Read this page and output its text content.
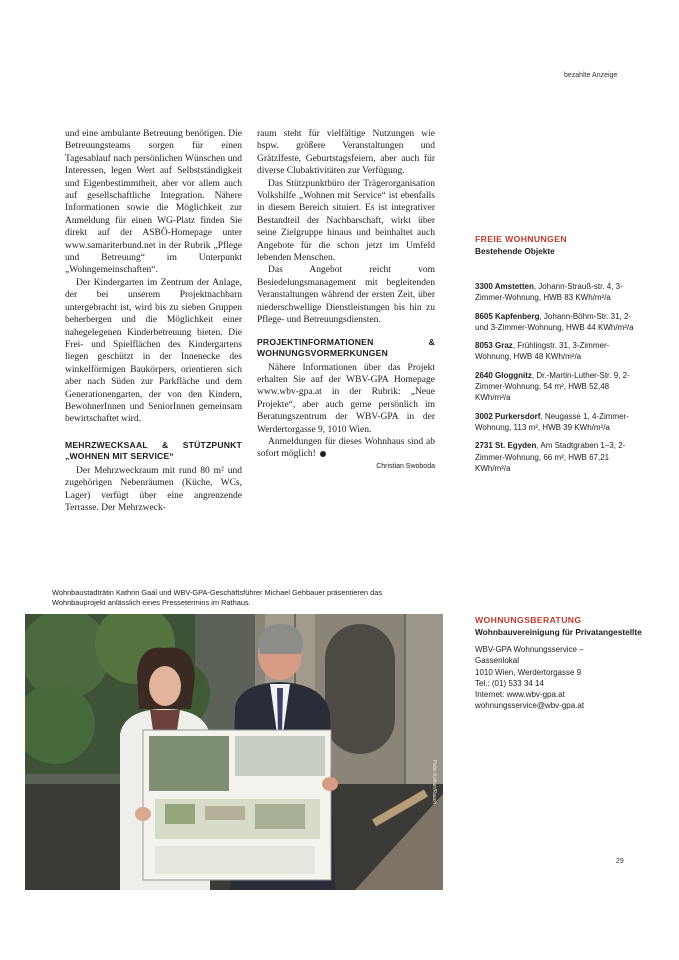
bezahlte Anzeige

und eine ambulante Betreuung benötigen. Die Betreuungsteams sorgen für einen Tagesablauf nach persönlichen Wünschen und Interessen, legen Wert auf Selbstständigkeit und Eigenbestimmtheit, aber vor allem auch auf gesellschaftliche Integration. Nähere Informationen sowie die Möglichkeit zur Anmeldung für einen WG-Platz finden Sie direkt auf der ASBÖ-Homepage unter www.samariterbund.net in der Rubrik „Pflege und Betreuung“ im Unterpunkt „Wohngemeinschaften“.

Der Kindergarten im Zentrum der Anlage, der bei unserem Projektnachbarn untergebracht ist, wird bis zu sieben Gruppen beherbergen und die Möglichkeit einer nahegelegenen Kinderbetreuung bieten. Die Frei- und Spielflächen des Kindergartens liegen geschützt in der Innenecke des winkelförmigen Baukörpers, orientieren sich aber nach Süden zur Parkfläche und dem Generationengarten, der von den Kindern, BewohnerInnen und SeniorInnen gemeinsam bewirtschaftet wird.

MEHRZWECKSAAL & STÜTZPUNKT „WOHNEN MIT SERVICE“

Der Mehrzweckraum mit rund 80 m² und zugehörigen Nebenräumen (Küche, WCs, Lager) verfügt über eine angrenzende Terrasse. Der Mehrzweck-

raum steht für vielfältige Nutzungen wie bspw. größere Veranstaltungen und Grätzlfeste, Geburtstagsfeiern, aber auch für diverse Clubaktivitäten zur Verfügung.

Das Stützpunktbüro der Trägerorganisation Volkshilfe „Wohnen mit Service“ ist ebenfalls in diesem Bereich situiert. Es ist integrativer Bestandteil der Nachbarschaft, wirkt über seine Zielgruppe hinaus und beinhaltet auch Angebote für die schon jetzt im Umfeld lebenden Menschen.

Das Angebot reicht vom Besiedelungsmanagement mit begleitenden Veranstaltungen während der ersten Zeit, über niederschwellige Dienstleistungen bis hin zu Pflege- und Betreuungsdiensten.

PROJEKTINFORMATIONEN & WOHNUNGSVORMERKUNGEN

Nähere Informationen über das Projekt erhalten Sie auf der WBV-GPA Homepage www.wbv-gpa.at in der Rubrik: „Neue Projekte“, aber auch gerne persönlich im Beratungszentrum der WBV-GPA in der Werdertorgasse 9, 1010 Wien.

Anmeldungen für dieses Wohnhaus sind ab sofort möglich!

Christian Swoboda
FREIE WOHNUNGEN
Bestehende Objekte
3300 Amstetten, Johann-Strauß-str. 4, 3-Zimmer-Wohnung, HWB 83 KWh/m²/a
8605 Kapfenberg, Johann-Böhm-Str. 31, 2- und 3-Zimmer-Wohnung, HWB 44 KWh/m²/a
8053 Graz, Frühlingstr. 31, 3-Zimmer-Wohnung, HWB 48 KWh/m²/a
2640 Gloggnitz, Dr.-Martin-Luther-Str. 9, 2-Zimmer-Wohnung, 54 m², HWB 52,48 KWh/m²/a
3002 Purkersdorf, Neugasse 1, 4-Zimmer-Wohnung, 113 m², HWB 39 KWh/m²/a
2731 St. Egyden, Am Stadtgraben 1–3, 2-Zimmer-Wohnung, 66 m², HWB 67,21 KWh/m²/a
WOHNUNGSBERATUNG
Wohnbauvereinigung für Privatangestellte
WBV-GPA Wohnungsservice –
Gassenlokal
1010 Wien, Werdertorgasse 9
Tel.: (01) 533 34 14
Internet: www.wbv-gpa.at
wohnungsservice@wbv-gpa.at
Wohnbaustadträtin Kathrin Gaál und WBV-GPA-Geschäftsführer Michael Gehbauer präsentieren das Wohnbauprojekt anlässlich eines Pressetermins im Rathaus.
Peter Kufner/Rauch
29
